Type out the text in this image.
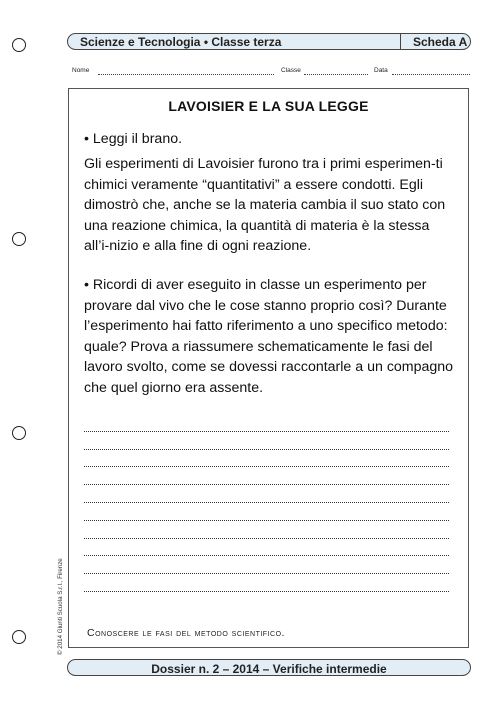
Scienze e Tecnologia • Classe terza	Scheda A
Nome	Classe	Data
LAVOISIER E LA SUA LEGGE

• Leggi il brano.

Gli esperimenti di Lavoisier furono tra i primi esperimen-ti chimici veramente “quantitativi” a essere condotti. Egli dimostrò che, anche se la materia cambia il suo stato con una reazione chimica, la quantità di materia è la stessa all’i-nizio e alla fine di ogni reazione.

• Ricordi di aver eseguito in classe un esperimento per provare dal vivo che le cose stanno proprio così? Durante l’esperimento hai fatto riferimento a uno specifico metodo: quale? Prova a riassumere schematicamente le fasi del lavoro svolto, come se dovessi raccontarle a un compagno che quel giorno era assente.

Conoscere le fasi del metodo scientifico.
© 2014 Giunti Scuola S.r.l., Firenze
Dossier n. 2 – 2014 – Verifiche intermedie
